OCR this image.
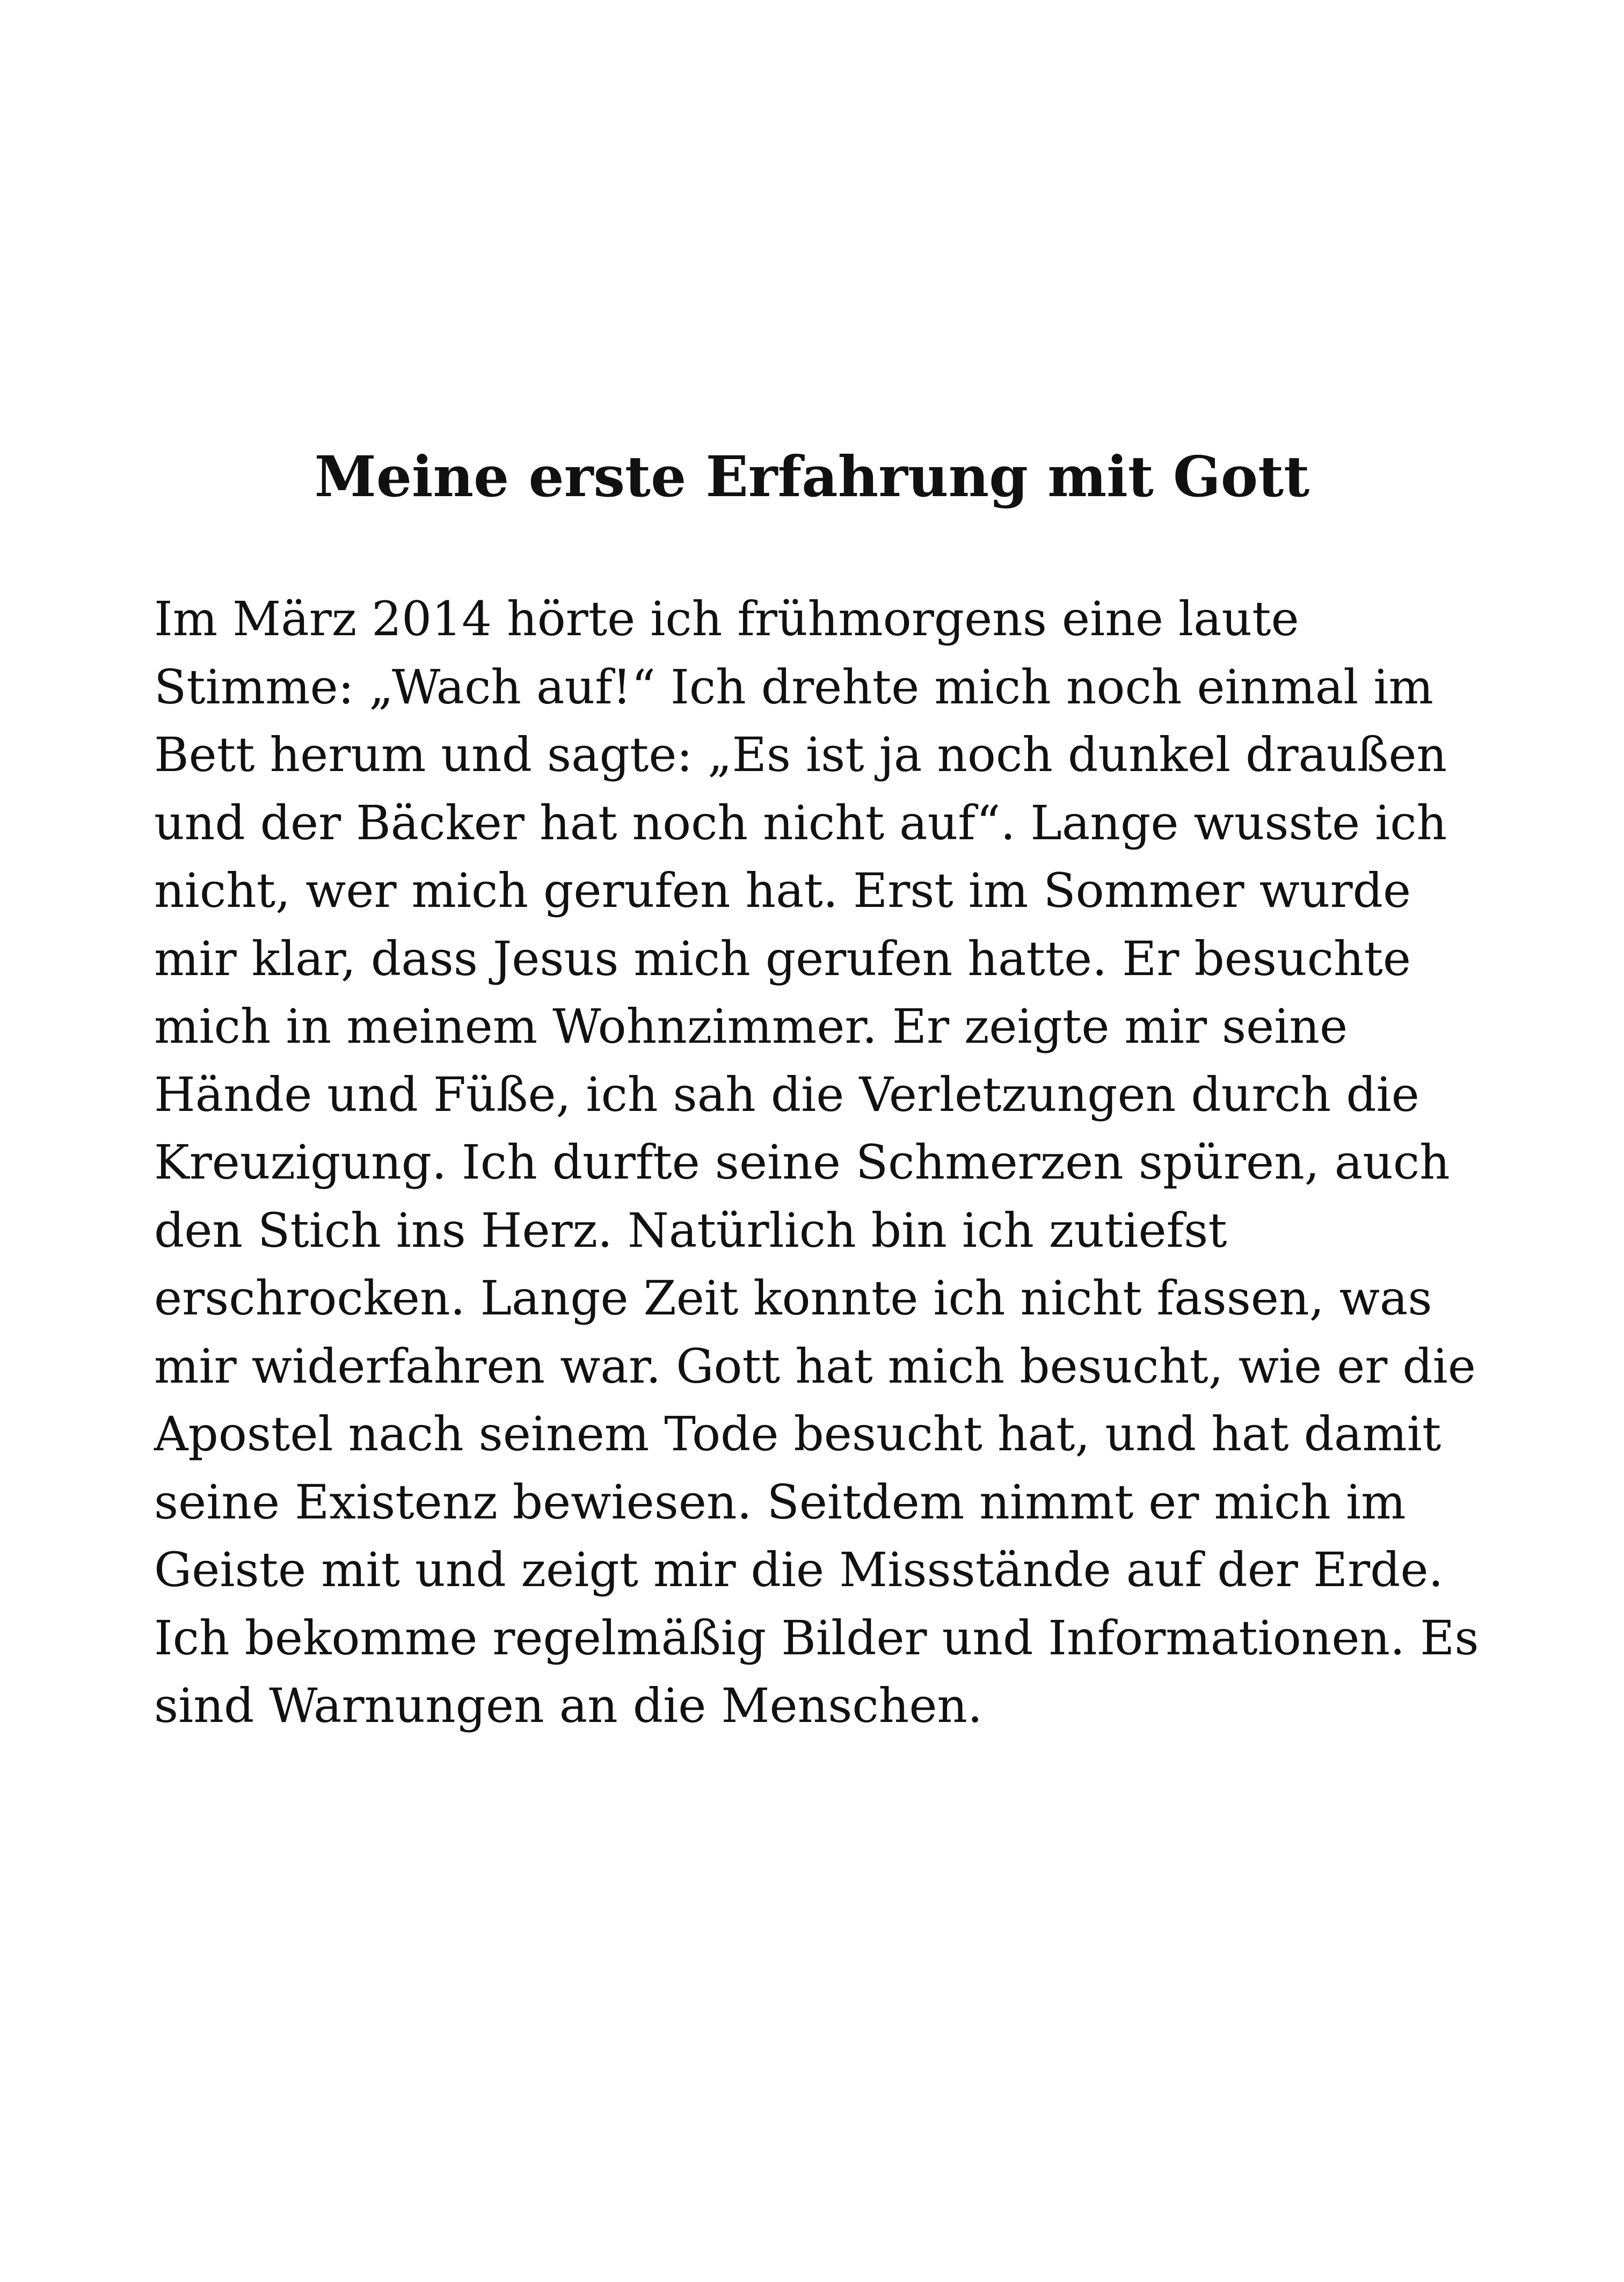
Meine erste Erfahrung mit Gott
Im März 2014 hörte ich frühmorgens eine laute
Stimme: „Wach auf!“ Ich drehte mich noch einmal im
Bett herum und sagte: „Es ist ja noch dunkel draußen
und der Bäcker hat noch nicht auf“. Lange wusste ich
nicht, wer mich gerufen hat. Erst im Sommer wurde
mir klar, dass Jesus mich gerufen hatte. Er besuchte
mich in meinem Wohnzimmer. Er zeigte mir seine
Hände und Füße, ich sah die Verletzungen durch die
Kreuzigung. Ich durfte seine Schmerzen spüren, auch
den Stich ins Herz. Natürlich bin ich zutiefst
erschrocken. Lange Zeit konnte ich nicht fassen, was
mir widerfahren war. Gott hat mich besucht, wie er die
Apostel nach seinem Tode besucht hat, und hat damit
seine Existenz bewiesen. Seitdem nimmt er mich im
Geiste mit und zeigt mir die Missstände auf der Erde.
Ich bekomme regelmäßig Bilder und Informationen. Es
sind Warnungen an die Menschen.
